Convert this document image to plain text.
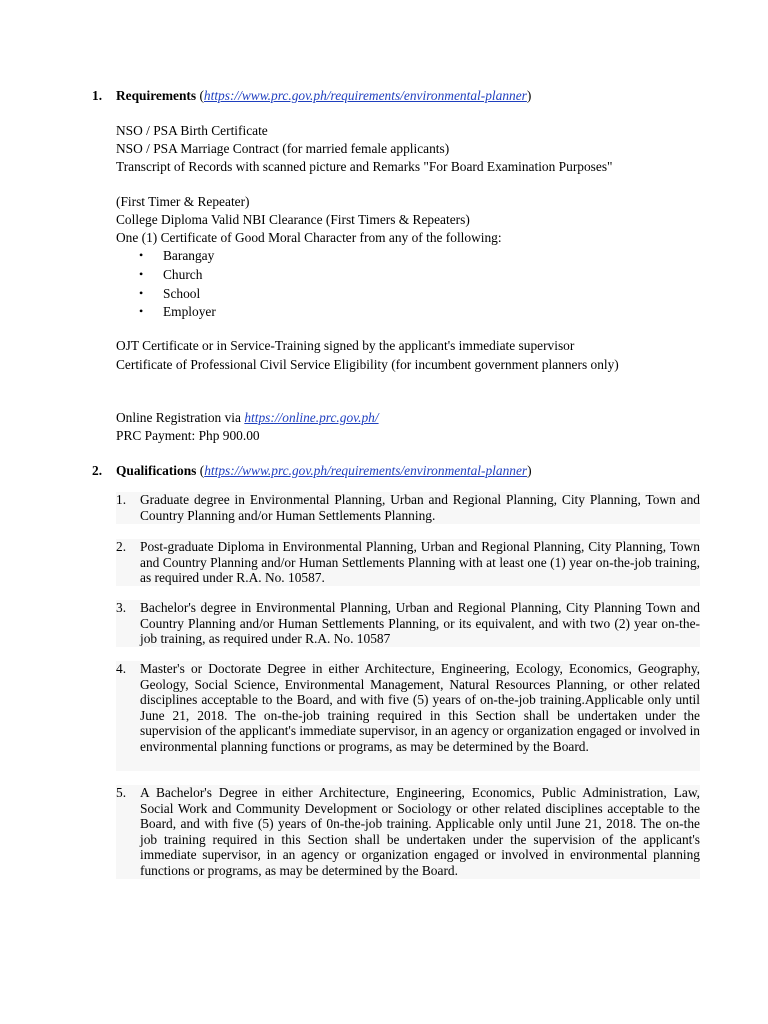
1. Requirements (https://www.prc.gov.ph/requirements/environmental-planner)
NSO / PSA Birth Certificate
NSO / PSA Marriage Contract (for married female applicants)
Transcript of Records with scanned picture and Remarks "For Board Examination Purposes"
(First Timer & Repeater)
College Diploma Valid NBI Clearance (First Timers & Repeaters)
One (1) Certificate of Good Moral Character from any of the following:
• Barangay
• Church
• School
• Employer
OJT Certificate or in Service-Training signed by the applicant's immediate supervisor
Certificate of Professional Civil Service Eligibility (for incumbent government planners only)
Online Registration via https://online.prc.gov.ph/
PRC Payment: Php 900.00
2. Qualifications (https://www.prc.gov.ph/requirements/environmental-planner)
1. Graduate degree in Environmental Planning, Urban and Regional Planning, City Planning, Town and Country Planning and/or Human Settlements Planning.
2. Post-graduate Diploma in Environmental Planning, Urban and Regional Planning, City Planning, Town and Country Planning and/or Human Settlements Planning with at least one (1) year on-the-job training, as required under R.A. No. 10587.
3. Bachelor's degree in Environmental Planning, Urban and Regional Planning, City Planning Town and Country Planning and/or Human Settlements Planning, or its equivalent, and with two (2) year on-the-job training, as required under R.A. No. 10587
4. Master's or Doctorate Degree in either Architecture, Engineering, Ecology, Economics, Geography, Geology, Social Science, Environmental Management, Natural Resources Planning, or other related disciplines acceptable to the Board, and with five (5) years of on-the-job training.Applicable only until June 21, 2018. The on-the-job training required in this Section shall be undertaken under the supervision of the applicant's immediate supervisor, in an agency or organization engaged or involved in environmental planning functions or programs, as may be determined by the Board.
5. A Bachelor's Degree in either Architecture, Engineering, Economics, Public Administration, Law, Social Work and Community Development or Sociology or other related disciplines acceptable to the Board, and with five (5) years of 0n-the-job training. Applicable only until June 21, 2018. The on-the job training required in this Section shall be undertaken under the supervision of the applicant's immediate supervisor, in an agency or organization engaged or involved in environmental planning functions or programs, as may be determined by the Board.
